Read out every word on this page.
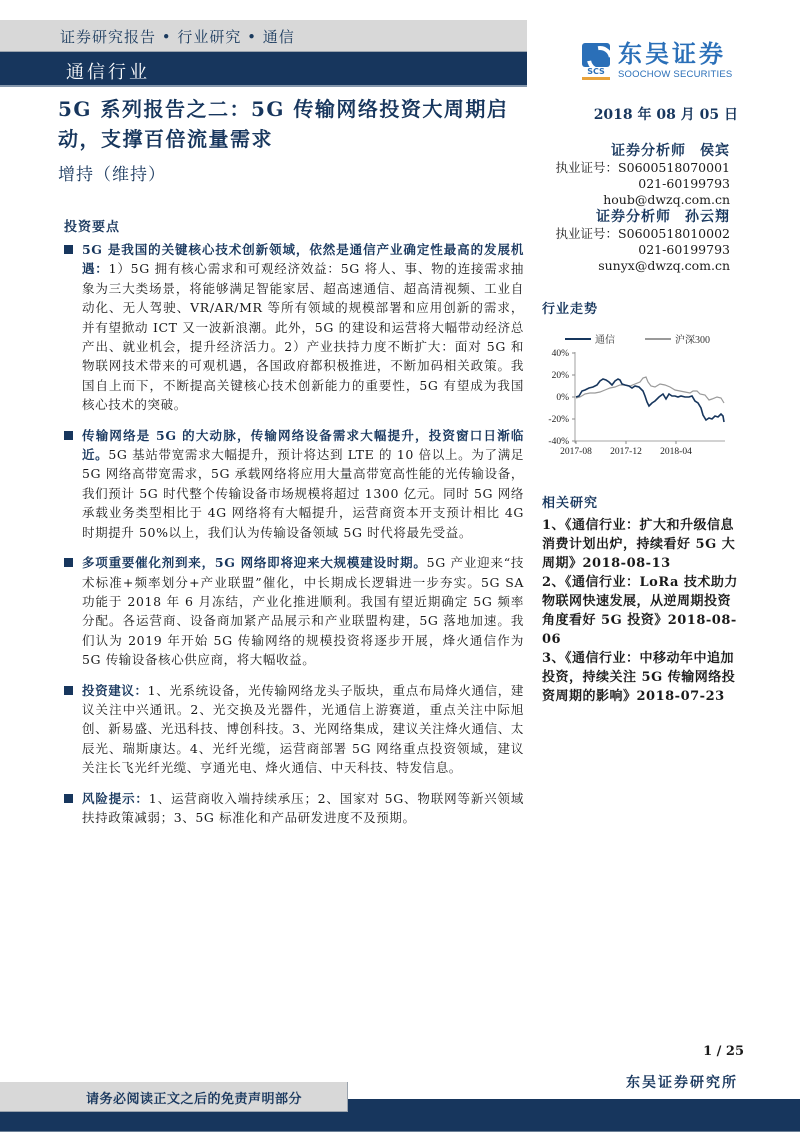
证券研究报告 • 行业研究 • 通信
通信行业	SCS
东吴证券
SOOCHOW SECURITIES
5G 系列报告之二：5G 传输网络投资大周期启动，支撑百倍流量需求
增持（维持）
2018 年 08 月 05 日
证券分析师 侯宾
执业证号：S0600518070001
021-60199793
houb@dwzq.com.cn
证券分析师 孙云翔
执业证号：S0600518010002
021-60199793
sunyx@dwzq.com.cn
行业走势
通信	沪深300
40%
20%
0%
-20%
-40%
2017-08 2017-12 2018-04
相关研究
1、《通信行业：扩大和升级信息消费计划出炉，持续看好 5G 大周期》2018-08-13
2、《通信行业：LoRa 技术助力物联网快速发展，从逆周期投资角度看好 5G 投资》2018-08-06
3、《通信行业：中移动年中追加投资，持续关注 5G 传输网络投资周期的影响》2018-07-23
投资要点
5G 是我国的关键核心技术创新领域，依然是通信产业确定性最高的发展机遇：1）5G 拥有核心需求和可观经济效益：5G 将人、事、物的连接需求抽象为三大类场景，将能够满足智能家居、超高速通信、超高清视频、工业自动化、无人驾驶、VR/AR/MR 等所有领域的规模部署和应用创新的需求，并有望掀动 ICT 又一波新浪潮。此外，5G 的建设和运营将大幅带动经济总产出、就业机会，提升经济活力。2）产业扶持力度不断扩大：面对 5G 和物联网技术带来的可观机遇，各国政府都积极推进，不断加码相关政策。我国自上而下，不断提高关键核心技术创新能力的重要性，5G 有望成为我国核心技术的突破。
传输网络是 5G 的大动脉，传输网络设备需求大幅提升，投资窗口日渐临近。5G 基站带宽需求大幅提升，预计将达到 LTE 的 10 倍以上。为了满足 5G 网络高带宽需求，5G 承载网络将应用大量高带宽高性能的光传输设备，我们预计 5G 时代整个传输设备市场规模将超过 1300 亿元。同时 5G 网络承载业务类型相比于 4G 网络将有大幅提升，运营商资本开支预计相比 4G 时期提升 50%以上，我们认为传输设备领域 5G 时代将最先受益。
多项重要催化剂到来，5G 网络即将迎来大规模建设时期。5G 产业迎来“技术标准+频率划分+产业联盟”催化，中长期成长逻辑进一步夯实。5G SA 功能于 2018 年 6 月冻结，产业化推进顺利。我国有望近期确定 5G 频率分配。各运营商、设备商加紧产品展示和产业联盟构建，5G 落地加速。我们认为 2019 年开始 5G 传输网络的规模投资将逐步开展，烽火通信作为 5G 传输设备核心供应商，将大幅收益。
投资建议：1、光系统设备，光传输网络龙头子版块，重点布局烽火通信，建议关注中兴通讯。2、光交换及光器件，光通信上游赛道，重点关注中际旭创、新易盛、光迅科技、博创科技。3、光网络集成，建议关注烽火通信、太辰光、瑞斯康达。4、光纤光缆，运营商部署 5G 网络重点投资领域，建议关注长飞光纤光缆、亨通光电、烽火通信、中天科技、特发信息。
风险提示：1、运营商收入端持续承压；2、国家对 5G、物联网等新兴领域扶持政策减弱；3、5G 标准化和产品研发进度不及预期。
1 / 25
东吴证券研究所
请务必阅读正文之后的免责声明部分
